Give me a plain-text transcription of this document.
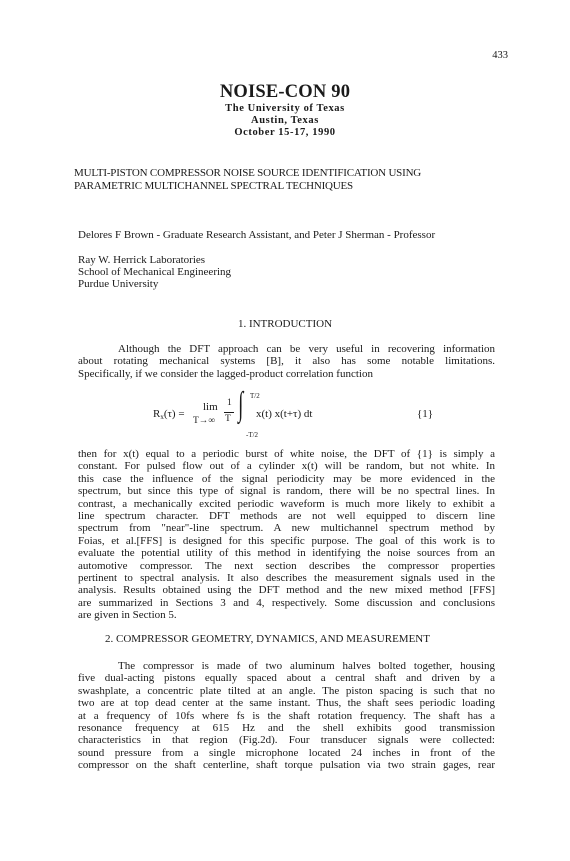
433
NOISE-CON 90
The University of Texas
Austin, Texas
October 15-17, 1990
MULTI-PISTON COMPRESSOR NOISE SOURCE IDENTIFICATION USING
PARAMETRIC MULTICHANNEL SPECTRAL TECHNIQUES
Delores F Brown - Graduate Research Assistant, and Peter J Sherman - Professor
Ray W. Herrick Laboratories
School of Mechanical Engineering
Purdue University
1. INTRODUCTION
Although the DFT approach can be very useful in recovering information
about rotating mechanical systems [B], it also has some notable limitations.
Specifically, if we consider the lagged-product correlation function
$R_x(\tau)$ =
lim
T→∞
1
T ∫ T/2
-T/2
x(t) x(t+τ) dt	{1}
then for x(t) equal to a periodic burst of white noise, the DFT of {1} is simply a
constant. For pulsed flow out of a cylinder x(t) will be random, but not white. In
this case the influence of the signal periodicity may be more evidenced in the
spectrum, but since this type of signal is random, there will be no spectral lines. In
contrast, a mechanically excited periodic waveform is much more likely to exhibit a
line spectrum character. DFT methods are not well equipped to discern line
spectrum from "near"-line spectrum. A new multichannel spectrum method by
Foias, et al.[FFS] is designed for this specific purpose. The goal of this work is to
evaluate the potential utility of this method in identifying the noise sources from an
automotive compressor. The next section describes the compressor properties
pertinent to spectral analysis. It also describes the measurement signals used in the
analysis. Results obtained using the DFT method and the new mixed method [FFS]
are summarized in Sections 3 and 4, respectively. Some discussion and conclusions
are given in Section 5.
2. COMPRESSOR GEOMETRY, DYNAMICS, AND MEASUREMENT
The compressor is made of two aluminum halves bolted together, housing
five dual-acting pistons equally spaced about a central shaft and driven by a
swashplate, a concentric plate tilted at an angle. The piston spacing is such that no
two are at top dead center at the same instant. Thus, the shaft sees periodic loading
at a frequency of 10fs where fs is the shaft rotation frequency. The shaft has a
resonance frequency at 615 Hz and the shell exhibits good transmission
characteristics in that region (Fig.2d). Four transducer signals were collected:
sound pressure from a single microphone located 24 inches in front of the
compressor on the shaft centerline, shaft torque pulsation via two strain gages, rear
